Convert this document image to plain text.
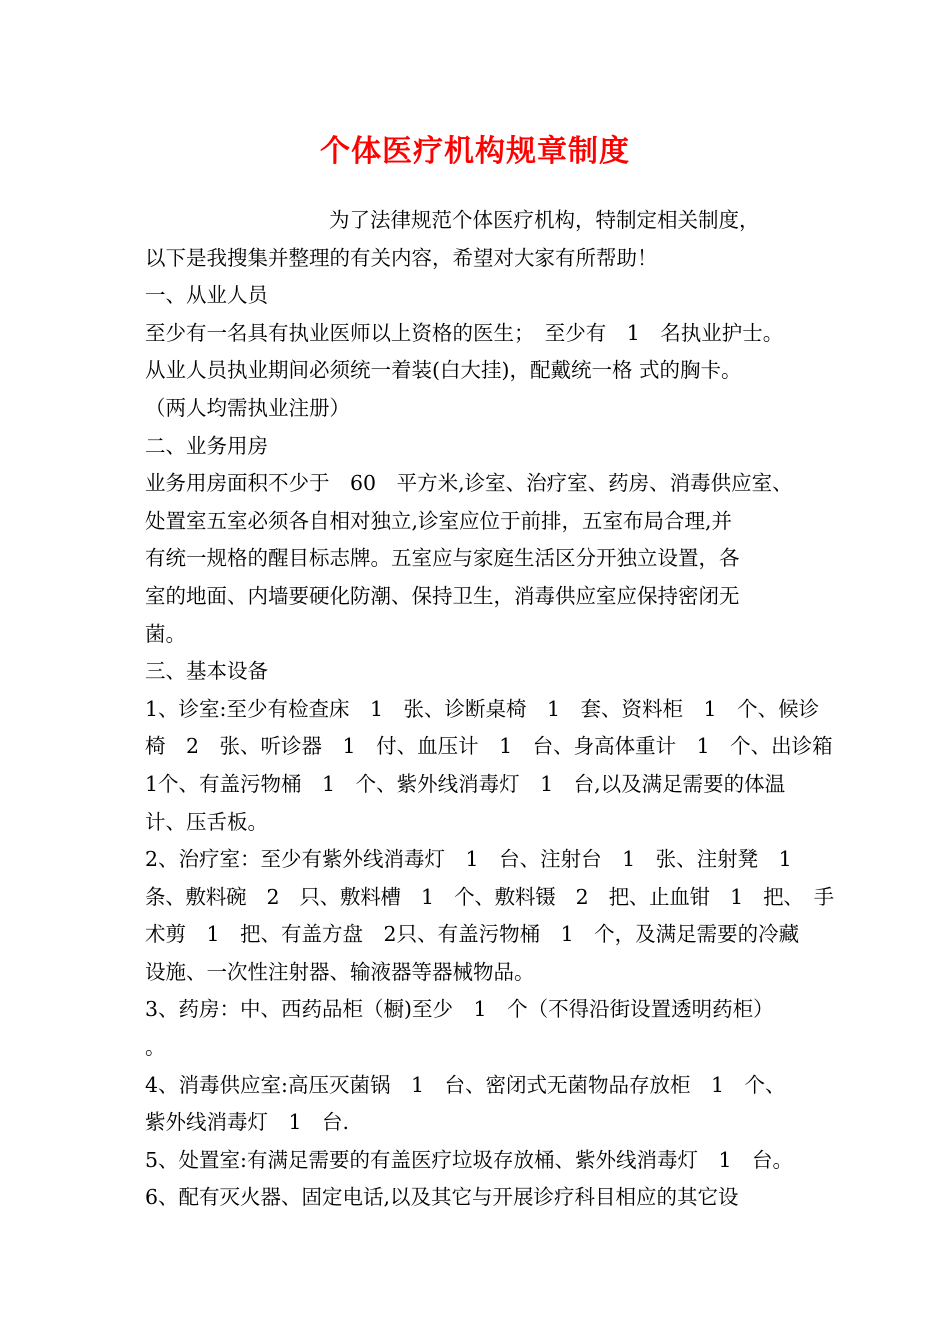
个体医疗机构规章制度
为了法律规范个体医疗机构，特制定相关制度，
以下是我搜集并整理的有关内容，希望对大家有所帮助！
一、从业人员
至少有一名具有执业医师以上资格的医生；　至少有　1　名执业护士。
从业人员执业期间必须统一着装(白大挂)，配戴统一格 式的胸卡。
（两人均需执业注册）
二、业务用房
业务用房面积不少于　60　平方米,诊室、治疗室、药房、消毒供应室、
处置室五室必须各自相对独立,诊室应位于前排，五室布局合理,并
有统一规格的醒目标志牌。五室应与家庭生活区分开独立设置，各
室的地面、内墙要硬化防潮、保持卫生，消毒供应室应保持密闭无
菌。
三、基本设备
1、诊室:至少有检查床　1　张、诊断桌椅　1　套、资料柜　1　个、候诊
椅　2　张、听诊器　1　付、血压计　1　台、身高体重计　1　个、出诊箱
1个、有盖污物桶　1　个、紫外线消毒灯　1　台,以及满足需要的体温
计、压舌板。
2、治疗室：至少有紫外线消毒灯　1　台、注射台　1　张、注射凳　1
条、敷料碗　2　只、敷料槽　1　个、敷料镊　2　把、止血钳　1　把、　手
术剪　1　把、有盖方盘　2只、有盖污物桶　1　个，及满足需要的冷藏
设施、一次性注射器、输液器等器械物品。
3、药房：中、西药品柜（橱)至少　1　个（不得沿街设置透明药柜）
。
4、消毒供应室:高压灭菌锅　1　台、密闭式无菌物品存放柜　1　个、
紫外线消毒灯　1　台.
5、处置室:有满足需要的有盖医疗垃圾存放桶、紫外线消毒灯　1　台。
6、配有灭火器、固定电话,以及其它与开展诊疗科目相应的其它设
